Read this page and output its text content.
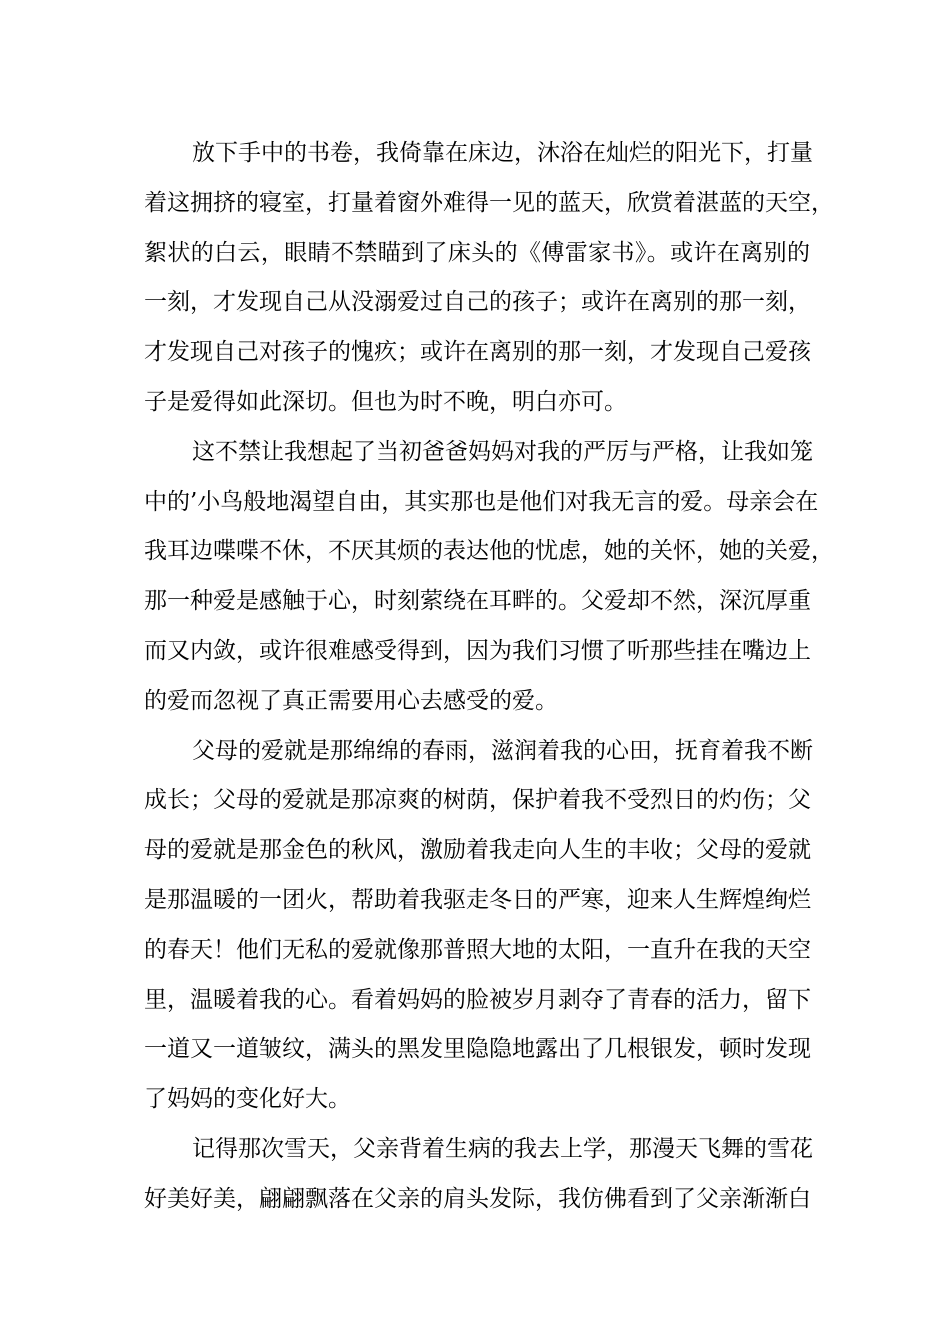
放下手中的书卷，我倚靠在床边，沐浴在灿烂的阳光下，打量

着这拥挤的寝室，打量着窗外难得一见的蓝天，欣赏着湛蓝的天空，

絮状的白云，眼睛不禁瞄到了床头的《傅雷家书》。或许在离别的

一刻，才发现自己从没溺爱过自己的孩子；或许在离别的那一刻，

才发现自己对孩子的愧疚；或许在离别的那一刻，才发现自己爱孩

子是爱得如此深切。但也为时不晚，明白亦可。

这不禁让我想起了当初爸爸妈妈对我的严厉与严格，让我如笼

中的’小鸟般地渴望自由，其实那也是他们对我无言的爱。母亲会在

我耳边喋喋不休，不厌其烦的表达他的忧虑，她的关怀，她的关爱，

那一种爱是感触于心，时刻萦绕在耳畔的。父爱却不然，深沉厚重

而又内敛，或许很难感受得到，因为我们习惯了听那些挂在嘴边上

的爱而忽视了真正需要用心去感受的爱。

父母的爱就是那绵绵的春雨，滋润着我的心田，抚育着我不断

成长；父母的爱就是那凉爽的树荫，保护着我不受烈日的灼伤；父

母的爱就是那金色的秋风，激励着我走向人生的丰收；父母的爱就

是那温暖的一团火，帮助着我驱走冬日的严寒，迎来人生辉煌绚烂

的春天！他们无私的爱就像那普照大地的太阳，一直升在我的天空

里，温暖着我的心。看着妈妈的脸被岁月剥夺了青春的活力，留下

一道又一道皱纹，满头的黑发里隐隐地露出了几根银发，顿时发现

了妈妈的变化好大。

记得那次雪天，父亲背着生病的我去上学，那漫天飞舞的雪花

好美好美，翩翩飘落在父亲的肩头发际，我仿佛看到了父亲渐渐白
